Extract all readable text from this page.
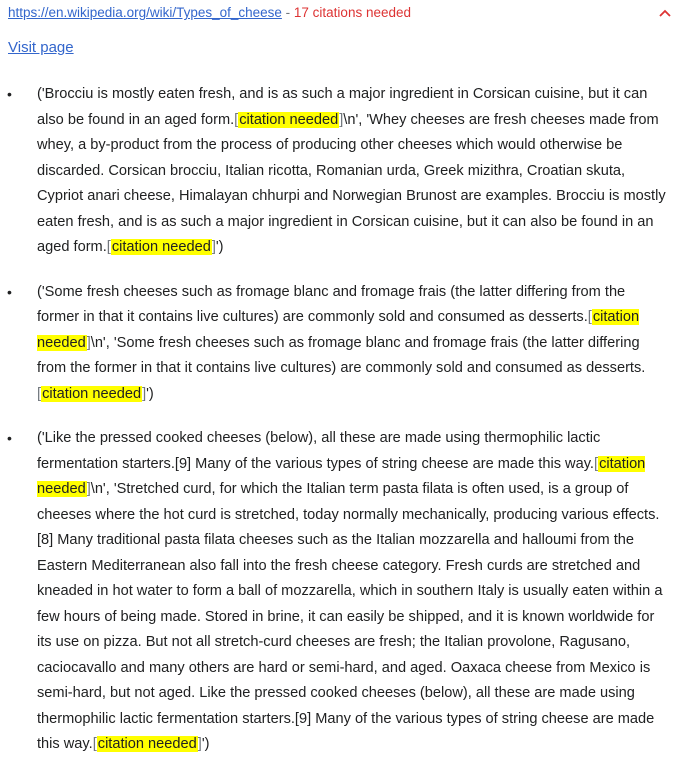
https://en.wikipedia.org/wiki/Types_of_cheese - 17 citations needed
Visit page
• ('Brocciu is mostly eaten fresh, and is as such a major ingredient in Corsican cuisine, but it can also be found in an aged form.[citation needed]\n', 'Whey cheeses are fresh cheeses made from whey, a by-product from the process of producing other cheeses which would otherwise be discarded. Corsican brocciu, Italian ricotta, Romanian urda, Greek mizithra, Croatian skuta, Cypriot anari cheese, Himalayan chhurpi and Norwegian Brunost are examples. Brocciu is mostly eaten fresh, and is as such a major ingredient in Corsican cuisine, but it can also be found in an aged form.[citation needed]')
• ('Some fresh cheeses such as fromage blanc and fromage frais (the latter differing from the former in that it contains live cultures) are commonly sold and consumed as desserts.[citation needed]\n', 'Some fresh cheeses such as fromage blanc and fromage frais (the latter differing from the former in that it contains live cultures) are commonly sold and consumed as desserts.[citation needed]')
• ('Like the pressed cooked cheeses (below), all these are made using thermophilic lactic fermentation starters.[9] Many of the various types of string cheese are made this way.[citation needed]\n', 'Stretched curd, for which the Italian term pasta filata is often used, is a group of cheeses where the hot curd is stretched, today normally mechanically, producing various effects.[8] Many traditional pasta filata cheeses such as the Italian mozzarella and halloumi from the Eastern Mediterranean also fall into the fresh cheese category. Fresh curds are stretched and kneaded in hot water to form a ball of mozzarella, which in southern Italy is usually eaten within a few hours of being made. Stored in brine, it can easily be shipped, and it is known worldwide for its use on pizza. But not all stretch-curd cheeses are fresh; the Italian provolone, Ragusano, caciocavallo and many others are hard or semi-hard, and aged. Oaxaca cheese from Mexico is semi-hard, but not aged. Like the pressed cooked cheeses (below), all these are made using thermophilic lactic fermentation starters.[9] Many of the various types of string cheese are made this way.[citation needed]')
